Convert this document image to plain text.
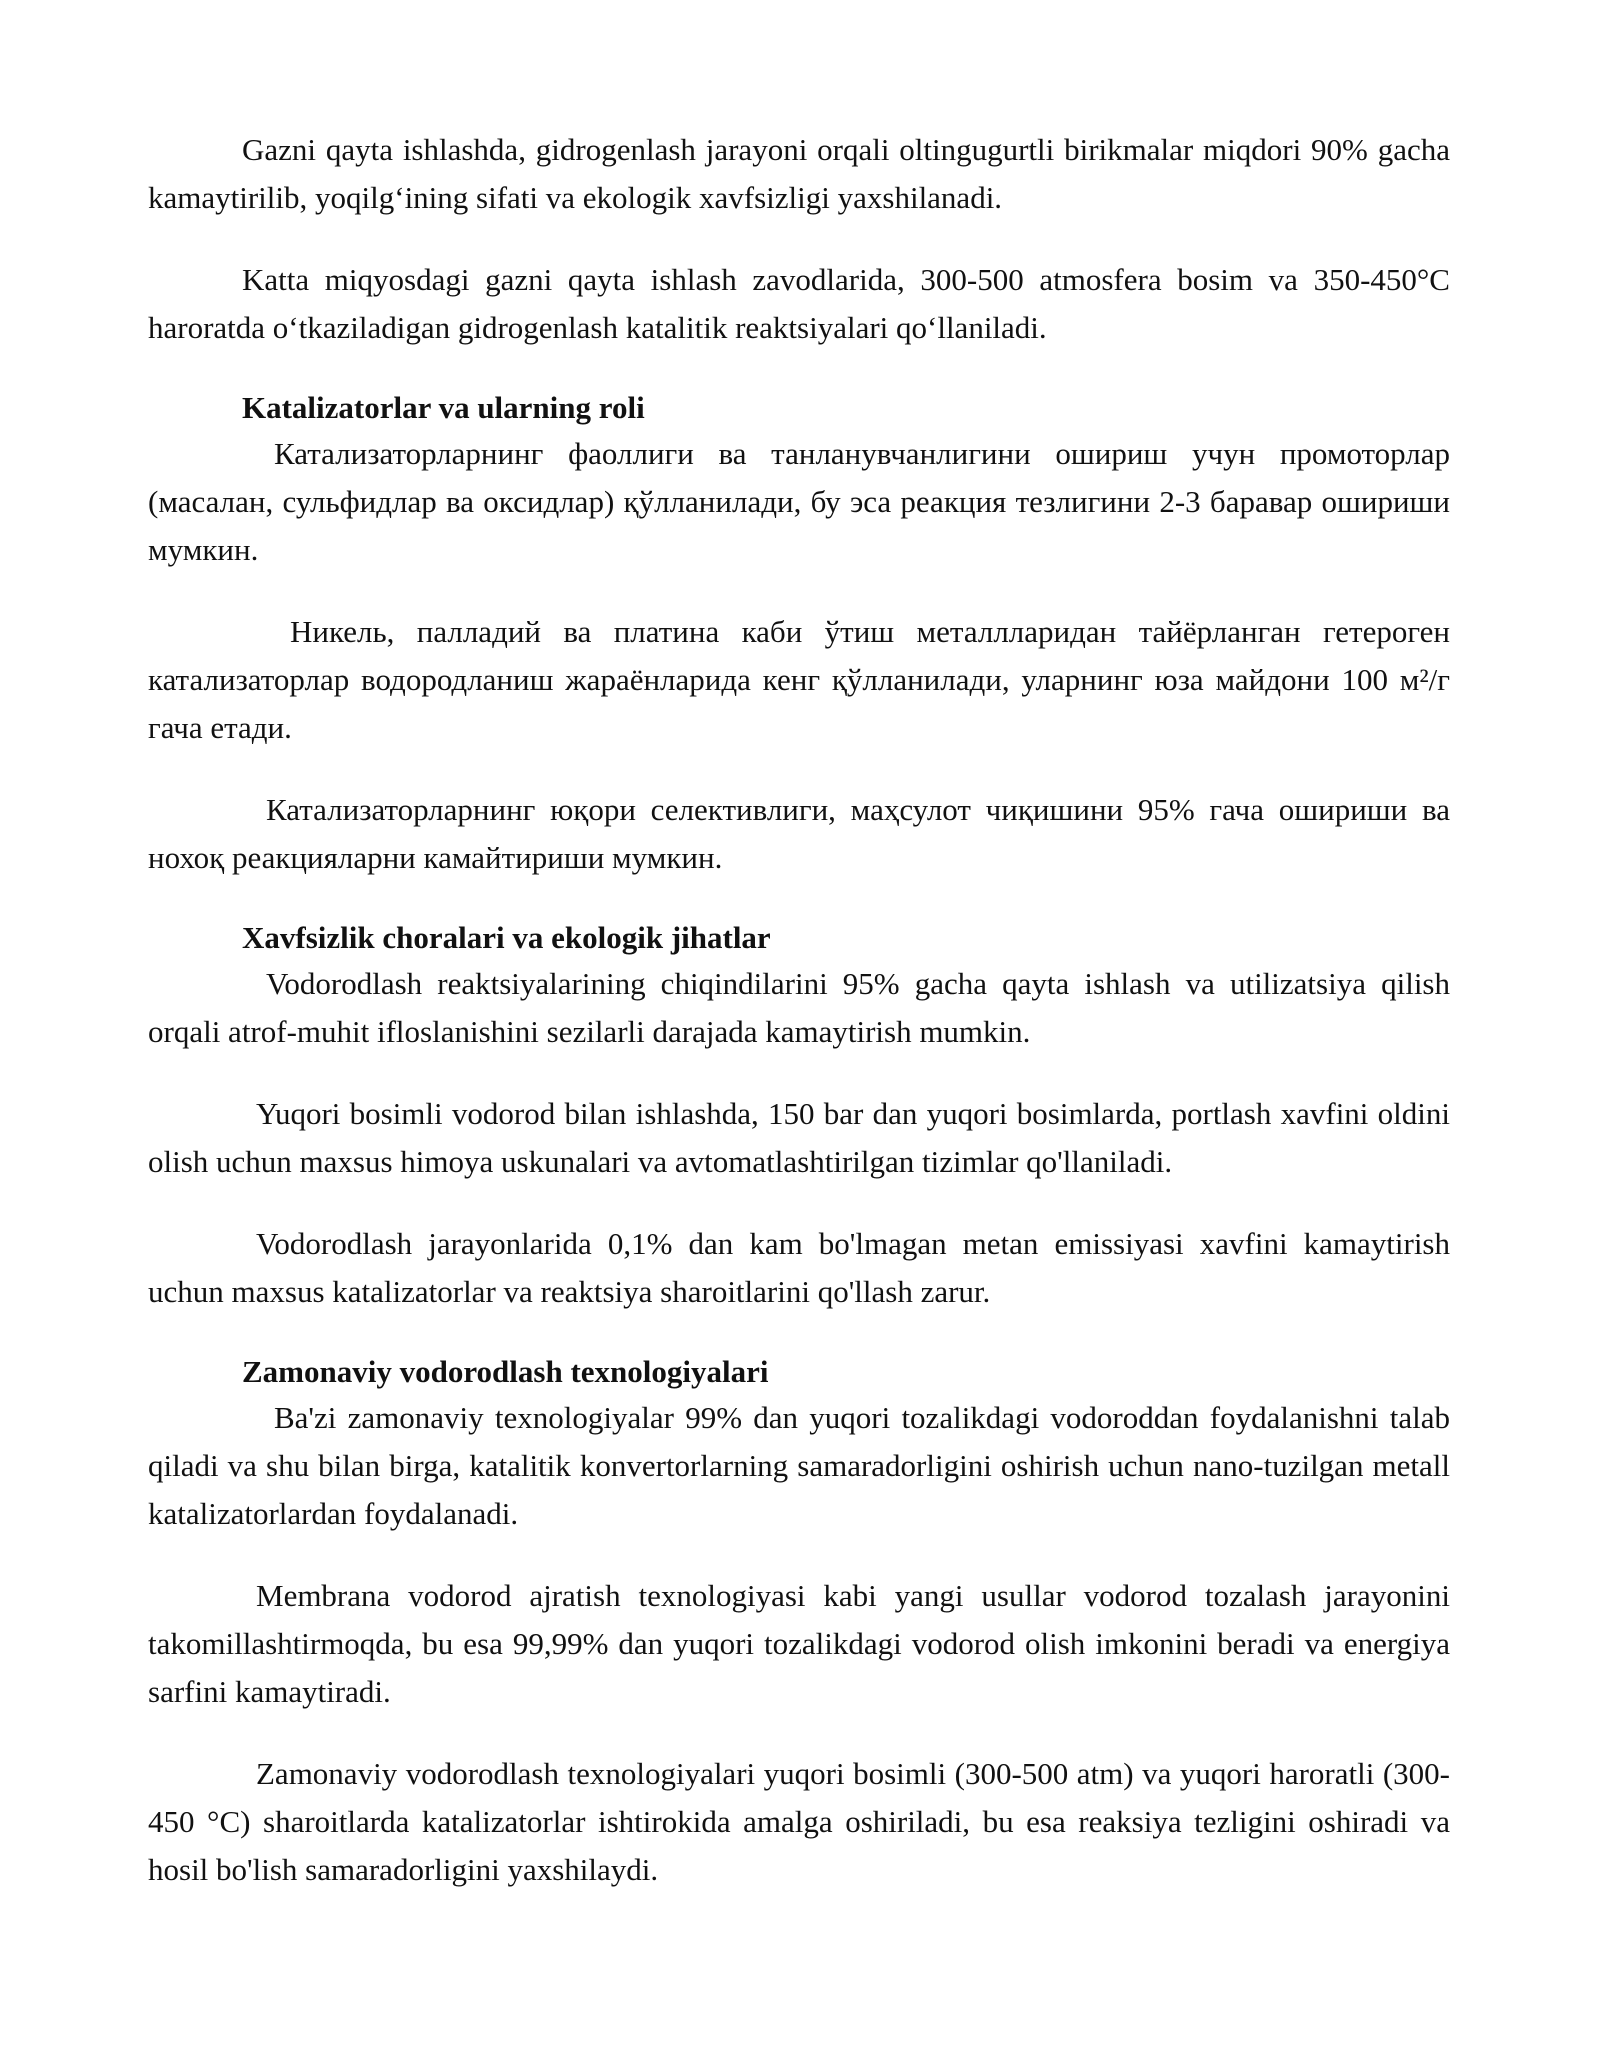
Gazni qayta ishlashda, gidrogenlash jarayoni orqali oltingugurtli birikmalar miqdori 90% gacha kamaytirilib, yoqilg‘ining sifati va ekologik xavfsizligi yaxshilanadi.

Katta miqyosdagi gazni qayta ishlash zavodlarida, 300-500 atmosfera bosim va 350-450°C haroratda o‘tkaziladigan gidrogenlash katalitik reaktsiyalari qo‘llaniladi.

Katalizatorlar va ularning roli

Катализаторларнинг фаоллиги ва танланувчанлигини ошириш учун промоторлар (масалан, сульфидлар ва оксидлар) қўлланилади, бу эса реакция тезлигини 2-3 баравар ошириши мумкин.

Никель, палладий ва платина каби ўтиш металлларидан тайёрланган гетероген катализаторлар водородланиш жараёнларида кенг қўлланилади, уларнинг юза майдони 100 м²/г гача етади.

Катализаторларнинг юқори селективлиги, маҳсулот чиқишини 95% гача ошириши ва нохоқ реакцияларни камайтириши мумкин.

Xavfsizlik choralari va ekologik jihatlar

Vodorodlash reaktsiyalarining chiqindilarini 95% gacha qayta ishlash va utilizatsiya qilish orqali atrof-muhit ifloslanishini sezilarli darajada kamaytirish mumkin.

Yuqori bosimli vodorod bilan ishlashda, 150 bar dan yuqori bosimlarda, portlash xavfini oldini olish uchun maxsus himoya uskunalari va avtomatlashtirilgan tizimlar qo'llaniladi.

Vodorodlash jarayonlarida 0,1% dan kam bo'lmagan metan emissiyasi xavfini kamaytirish uchun maxsus katalizatorlar va reaktsiya sharoitlarini qo'llash zarur.

Zamonaviy vodorodlash texnologiyalari

Ba'zi zamonaviy texnologiyalar 99% dan yuqori tozalikdagi vodoroddan foydalanishni talab qiladi va shu bilan birga, katalitik konvertorlarning samaradorligini oshirish uchun nano-tuzilgan metall katalizatorlardan foydalanadi.

Membrana vodorod ajratish texnologiyasi kabi yangi usullar vodorod tozalash jarayonini takomillashtirmoqda, bu esa 99,99% dan yuqori tozalikdagi vodorod olish imkonini beradi va energiya sarfini kamaytiradi.

Zamonaviy vodorodlash texnologiyalari yuqori bosimli (300-500 atm) va yuqori haroratli (300-450 °C) sharoitlarda katalizatorlar ishtirokida amalga oshiriladi, bu esa reaksiya tezligini oshiradi va hosil bo'lish samaradorligini yaxshilaydi.
